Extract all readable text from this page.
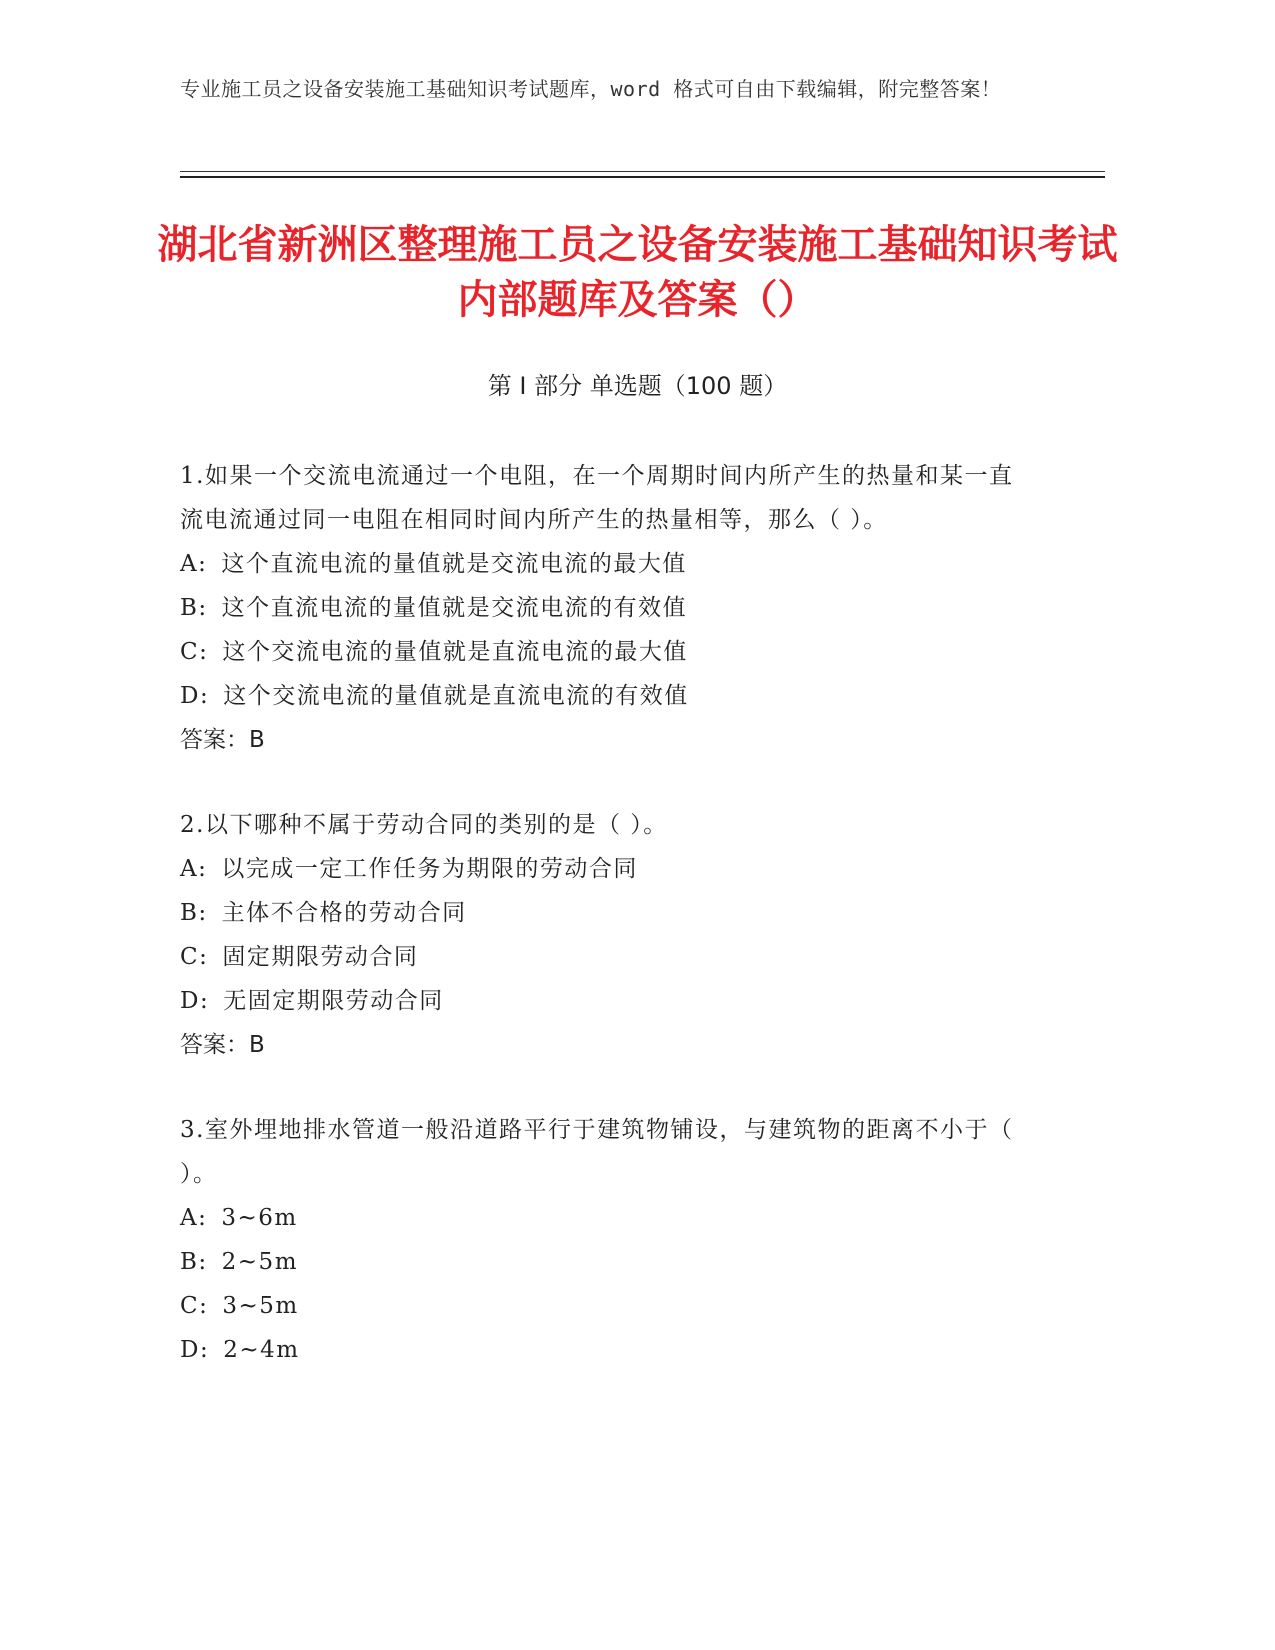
专业施工员之设备安装施工基础知识考试题库，word 格式可自由下载编辑，附完整答案！
湖北省新洲区整理施工员之设备安装施工基础知识考试内部题库及答案（）
第 I 部分 单选题（100 题）
1.如果一个交流电流通过一个电阻，在一个周期时间内所产生的热量和某一直流电流通过同一电阻在相同时间内所产生的热量相等，那么（ ）。
A: 这个直流电流的量值就是交流电流的最大值
B: 这个直流电流的量值就是交流电流的有效值
C: 这个交流电流的量值就是直流电流的最大值
D: 这个交流电流的量值就是直流电流的有效值
答案：B
2.以下哪种不属于劳动合同的类别的是（ ）。
A: 以完成一定工作任务为期限的劳动合同
B: 主体不合格的劳动合同
C: 固定期限劳动合同
D: 无固定期限劳动合同
答案：B
3.室外埋地排水管道一般沿道路平行于建筑物铺设，与建筑物的距离不小于（ ）。
A: 3~6m
B: 2~5m
C: 3~5m
D: 2~4m
